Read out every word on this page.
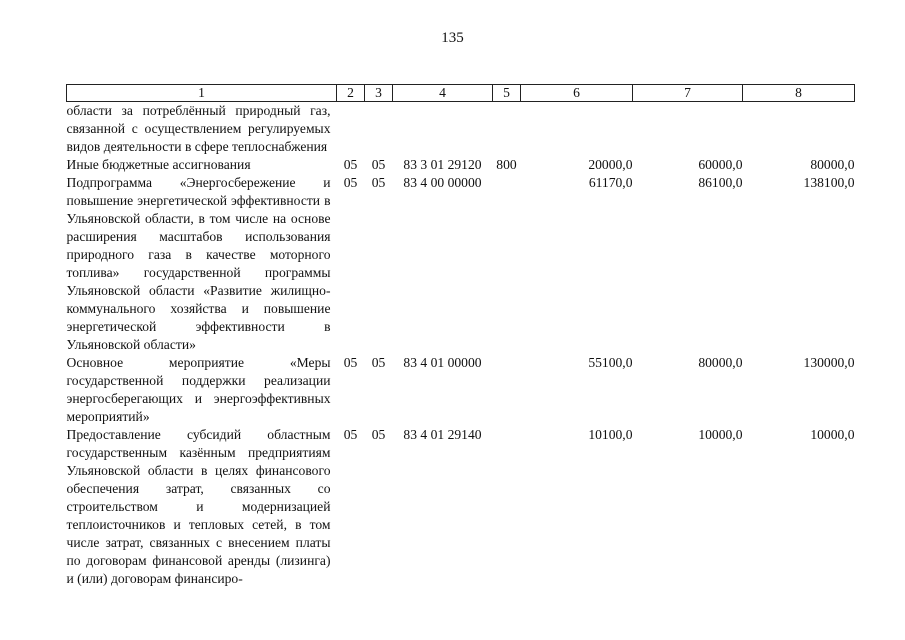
135
1	2	3	4	5	6	7	8
области за потреблённый природный газ, связанной с осуществлением регулируемых видов деятельности в сфере теплоснабжения							
Иные бюджетные ассигнования	05	05	83 3 01 29120	800	20000,0	60000,0	80000,0
Подпрограмма «Энергосбережение и повышение энергетической эффективности в Ульяновской области, в том числе на основе расширения масштабов использования природного газа в качестве моторного топлива» государственной программы Ульяновской области «Развитие жилищно-коммунального хозяйства и повышение энергетической эффективности в Ульяновской области»	05	05	83 4 00 00000		61170,0	86100,0	138100,0
Основное мероприятие «Меры государственной поддержки реализации энергосберегающих и энергоэффективных мероприятий»	05	05	83 4 01 00000		55100,0	80000,0	130000,0
Предоставление субсидий областным государственным казённым предприятиям Ульяновской области в целях финансового обеспечения затрат, связанных со строительством и модернизацией теплоисточников и тепловых сетей, в том числе затрат, связанных с внесением платы по договорам финансовой аренды (лизинга) и (или) договорам финансиро-	05	05	83 4 01 29140		10100,0	10000,0	10000,0
